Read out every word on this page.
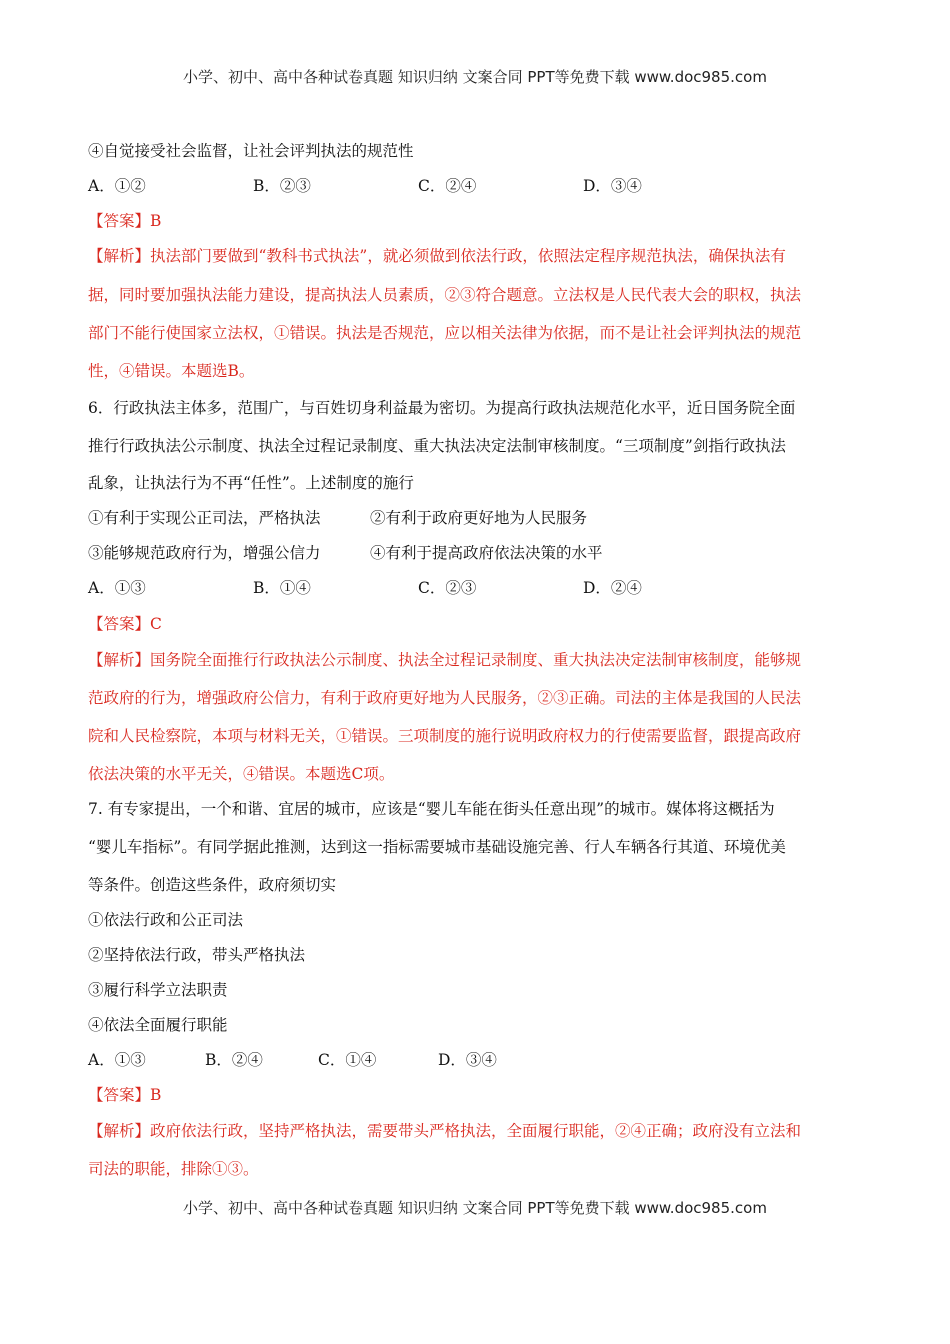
小学、初中、高中各种试卷真题 知识归纳 文案合同 PPT等免费下载 www.doc985.com
④自觉接受社会监督，让社会评判执法的规范性
A．①②	B．②③	C．②④	D．③④
【答案】B
【解析】执法部门要做到“教科书式执法”，就必须做到依法行政，依照法定程序规范执法，确保执法有
据，同时要加强执法能力建设，提高执法人员素质，②③符合题意。立法权是人民代表大会的职权，执法
部门不能行使国家立法权，①错误。执法是否规范，应以相关法律为依据，而不是让社会评判执法的规范
性，④错误。本题选B。
6．行政执法主体多，范围广，与百姓切身利益最为密切。为提高行政执法规范化水平，近日国务院全面
推行行政执法公示制度、执法全过程记录制度、重大执法决定法制审核制度。“三项制度”剑指行政执法
乱象，让执法行为不再“任性”。上述制度的施行
①有利于实现公正司法，严格执法	②有利于政府更好地为人民服务
③能够规范政府行为，增强公信力	④有利于提高政府依法决策的水平
A．①③	B．①④	C．②③	D．②④
【答案】C
【解析】国务院全面推行行政执法公示制度、执法全过程记录制度、重大执法决定法制审核制度，能够规
范政府的行为，增强政府公信力，有利于政府更好地为人民服务，②③正确。司法的主体是我国的人民法
院和人民检察院，本项与材料无关，①错误。三项制度的施行说明政府权力的行使需要监督，跟提高政府
依法决策的水平无关，④错误。本题选C项。
7. 有专家提出，一个和谐、宜居的城市，应该是“婴儿车能在街头任意出现”的城市。媒体将这概括为
“婴儿车指标”。有同学据此推测，达到这一指标需要城市基础设施完善、行人车辆各行其道、环境优美
等条件。创造这些条件，政府须切实
①依法行政和公正司法
②坚持依法行政，带头严格执法
③履行科学立法职责
④依法全面履行职能
A．①③	B．②④	C．①④	D．③④
【答案】B
【解析】政府依法行政，坚持严格执法，需要带头严格执法，全面履行职能，②④正确；政府没有立法和
司法的职能，排除①③。
小学、初中、高中各种试卷真题 知识归纳 文案合同 PPT等免费下载 www.doc985.com
